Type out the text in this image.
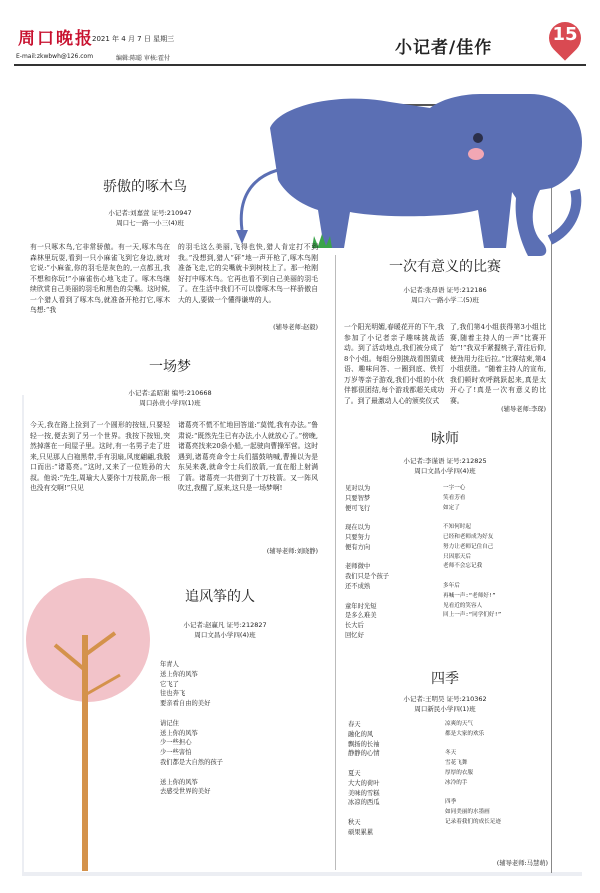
周口晚报
2021 年 4 月 7 日 星期三
E-mail:zkwbwh@126.com	编辑:陈聪 审核:霍付
小记者/佳作
15
骄傲的啄木鸟
小记者:刘嘉萱 证号:210947
周口七一路一小三(4)班
有一只啄木鸟,它非常骄傲。有一天,啄木鸟在森林里玩耍,看到一只小麻雀飞到它身边,就对它说:“小麻雀,你的羽毛是灰色的,一点都丑,我不想和你玩!”小麻雀伤心地飞走了。啄木鸟继续欣赏自己美丽的羽毛和黑色的尖嘴。这时候,一个猎人看到了啄木鸟,就准备开枪打它,啄木鸟想:“我
的羽毛这么美丽,飞得也快,猎人肯定打不到我。”没想到,猎人“砰”地一声开枪了,啄木鸟刚准备飞走,它的尖嘴就卡到树枝上了。那一枪刚好打中啄木鸟。它再也看不到自己美丽的羽毛了。在生活中我们不可以像啄木鸟一样骄傲自大的人,要做一个懂得谦卑的人。
(辅导老师:赵毅)
一场梦
小记者:孟昭谢 编号:210668
周口孙贵小学四(1)班
今天,我在路上捡到了一个圆形的按钮,只要轻轻一按,便去到了另一个世界。我按下按钮,突然掉落在一间屋子里。这时,有一名男子走了进来,只见那人白袍黑带,手有羽扇,风度翩翩,我脱口而出:“诸葛亮。”这时,又来了一位姓孙的大叔。他说:“先生,周瑜大人要你十万枝箭,你一根也没有交啊!”只见
诸葛亮不慌不忙地回答道:“莫慌,我有办法。”鲁肃说:“既然先生已有办法,小人就放心了。”傍晚,诸葛亮找来20条小船,一起驶向曹操军营。这时遇到,诸葛亮命令士兵们擂鼓呐喊,曹操以为是东吴来袭,就命令士兵们放箭,一直在船上射满了箭。诸葛亮一共借到了十万枝箭。又一阵风吹过,我醒了,原来,这只是一场梦啊!
(辅导老师:刘晓静)
追风筝的人
小记者:赵赢凡 证号:212827
周口文昌小学四(4)班
年青人
送上你的风筝
它飞了
往也奔飞
要亲看自由的美好

请记住
送上你的风筝
少一些担心
少一些害怕
我们都是大自然的孩子

送上你的风筝
去感受世界的美好
一次有意义的比赛
小记者:张昂语 证号:212186
周口六一路小学二(5)班
一个阳光明媚,春暖花开的下午,我参加了小记者亲子趣味挑战活动。到了活动地点,我们被分成了8个小组。每组分别挑战看图猜成语、趣味问答、一圈到底、铁钉万岁等亲子游戏,我们小组的小伙伴都很团结,每个游戏都超关成功了。到了最激动人心的颁奖仪式
了,我们第4小组获得第3小组比赛,随着主持人的一声“比赛开始”!“我双手紧握桃子,背往后仰,使劲用力往后拉。”比赛结束,第4小组获胜。“随着主持人的宣布,我们顿时欢呼跳跃起来,真是太开心了!真是一次有意义的比赛。
(辅导老师:李琛)
咏师
小记者:李谨语 证号:212825
周口文昌小学四(4)班
见对以为
只要智梦
便可飞行

现在以为
只要努力
便有方向

老师微中
我们只是个孩子
还不成熟

童年时光短
是多么难美
长大后
回忆好
一字一心
笑看芳看
如定了

不知何时起
已经和老师成为好友
努力让老师记住自己
只因那天后
老师不会忘记我

多年后
再喊一声:“老师好!”
见看近的笑容人
回上一声:“同学们好!”
四季
小记者:王明昊 证号:210362
周口新民小学四(1)班
春天
融化的风
飘扬的长袖
静静的心情

夏天
大大的荷叶
美味的雪糕
冰凉的西瓜

秋天
硕果累累
凉爽的天气
都是大家的欢乐

冬天
雪花飞舞
厚厚的衣服
冰冷的手

四季
如同美丽的水墨画
记录着我们的成长足迹
(辅导老师:马慧萌)
